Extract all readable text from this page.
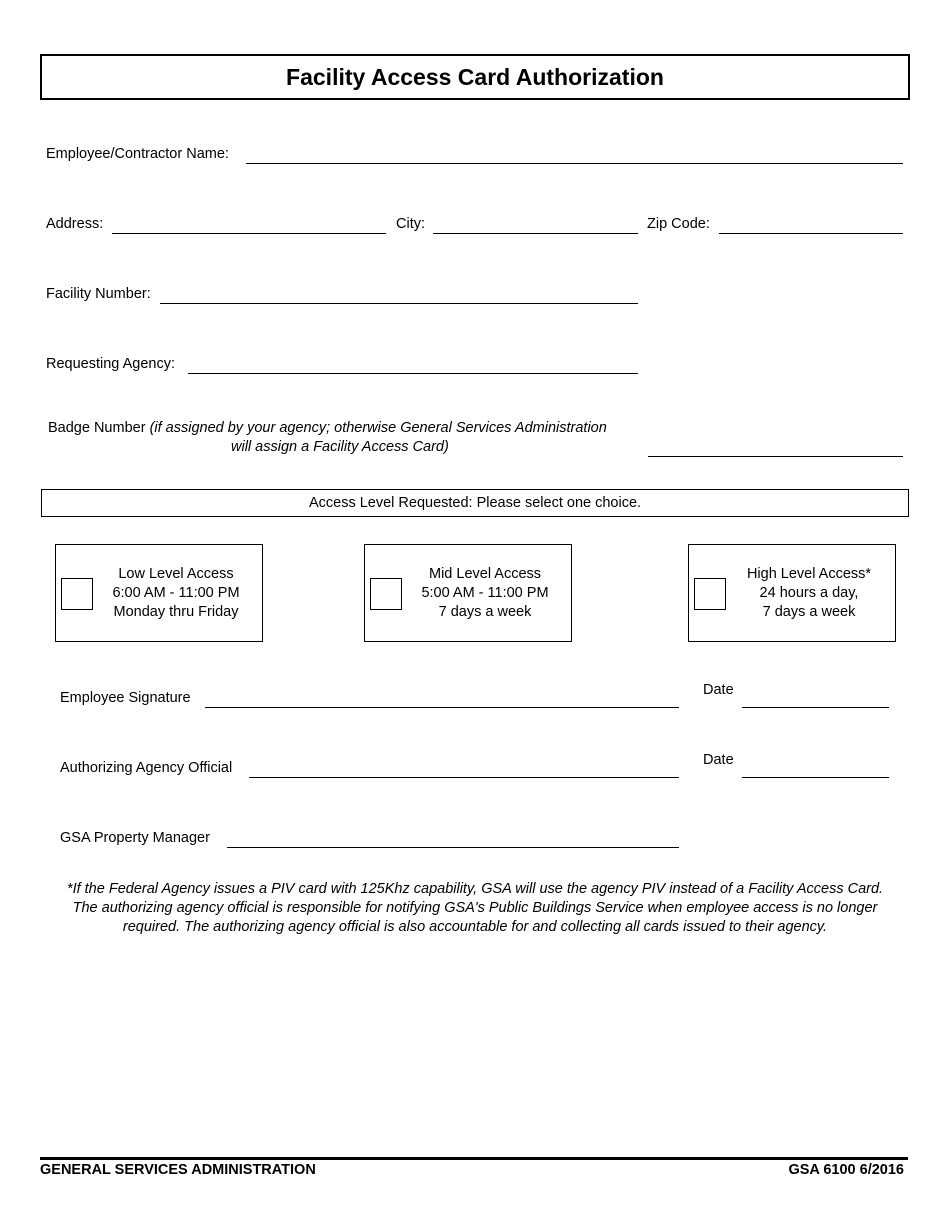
Facility Access Card Authorization
Employee/Contractor Name:
Address:	City:	Zip Code:
Facility Number:
Requesting Agency:
Badge Number (if assigned by your agency; otherwise General Services Administration
will assign a Facility Access Card)
Access Level Requested: Please select one choice.
Low Level Access
6:00 AM - 11:00 PM
Monday thru Friday
Mid Level Access
5:00 AM - 11:00 PM
7 days a week
High Level Access*
24 hours a day,
7 days a week
Employee Signature	Date
Authorizing Agency Official	Date
GSA Property Manager
*If the Federal Agency issues a PIV card with 125Khz capability, GSA will use the agency PIV instead of a Facility Access Card. The authorizing agency official is responsible for notifying GSA's Public Buildings Service when employee access is no longer required. The authorizing agency official is also accountable for and collecting all cards issued to their agency.
GENERAL SERVICES ADMINISTRATION	GSA 6100 6/2016
